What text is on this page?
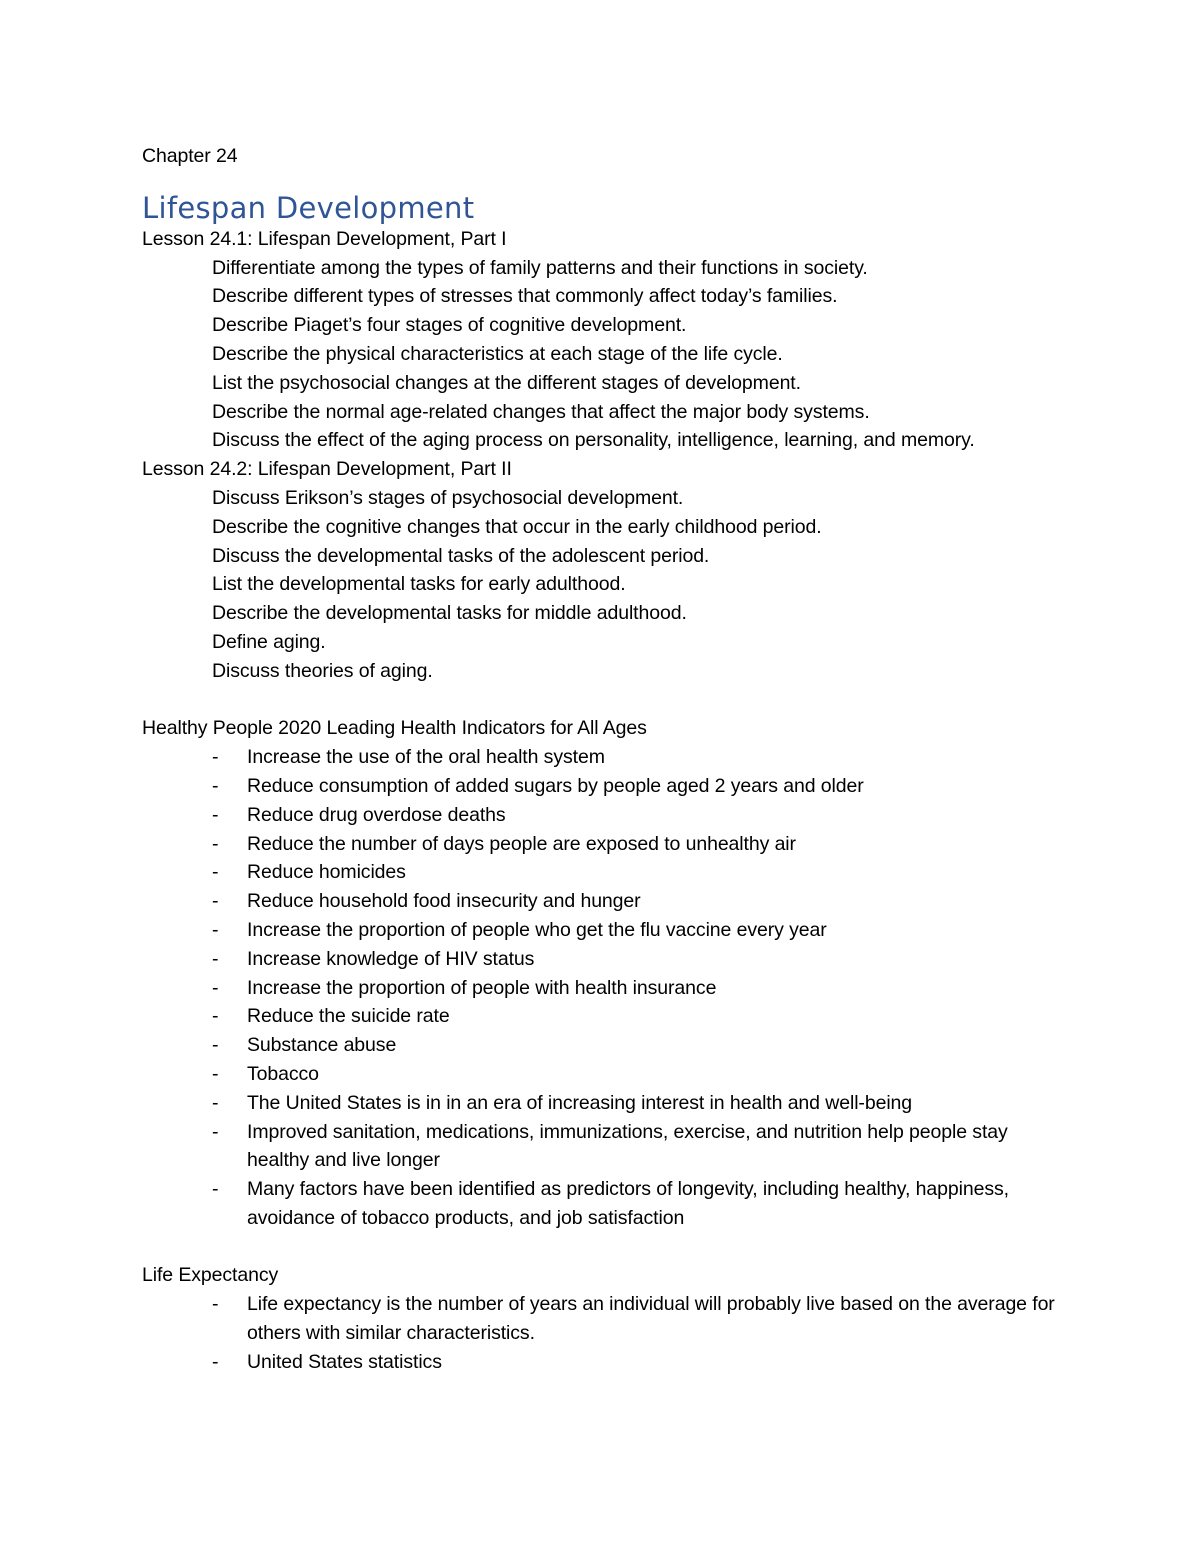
Chapter 24
Lifespan Development
Lesson 24.1: Lifespan Development, Part I
Differentiate among the types of family patterns and their functions in society.
Describe different types of stresses that commonly affect today’s families.
Describe Piaget’s four stages of cognitive development.
Describe the physical characteristics at each stage of the life cycle.
List the psychosocial changes at the different stages of development.
Describe the normal age-related changes that affect the major body systems.
Discuss the effect of the aging process on personality, intelligence, learning, and memory.
Lesson 24.2: Lifespan Development, Part II
Discuss Erikson’s stages of psychosocial development.
Describe the cognitive changes that occur in the early childhood period.
Discuss the developmental tasks of the adolescent period.
List the developmental tasks for early adulthood.
Describe the developmental tasks for middle adulthood.
Define aging.
Discuss theories of aging.
Healthy People 2020 Leading Health Indicators for All Ages
- Increase the use of the oral health system
- Reduce consumption of added sugars by people aged 2 years and older
- Reduce drug overdose deaths
- Reduce the number of days people are exposed to unhealthy air
- Reduce homicides
- Reduce household food insecurity and hunger
- Increase the proportion of people who get the flu vaccine every year
- Increase knowledge of HIV status
- Increase the proportion of people with health insurance
- Reduce the suicide rate
- Substance abuse
- Tobacco
- The United States is in in an era of increasing interest in health and well-being
- Improved sanitation, medications, immunizations, exercise, and nutrition help people stay healthy and live longer
- Many factors have been identified as predictors of longevity, including healthy, happiness, avoidance of tobacco products, and job satisfaction
Life Expectancy
- Life expectancy is the number of years an individual will probably live based on the average for others with similar characteristics.
- United States statistics
